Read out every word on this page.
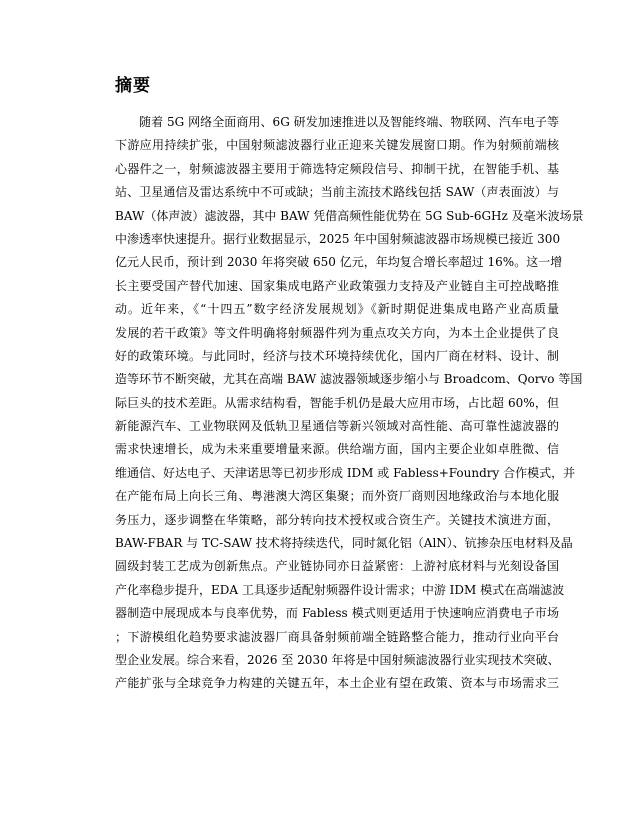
摘要
随着 5G 网络全面商用、6G 研发加速推进以及智能终端、物联网、汽车电子等
下游应用持续扩张，中国射频滤波器行业正迎来关键发展窗口期。作为射频前端核
心器件之一，射频滤波器主要用于筛选特定频段信号、抑制干扰，在智能手机、基
站、卫星通信及雷达系统中不可或缺；当前主流技术路线包括 SAW（声表面波）与
BAW（体声波）滤波器，其中 BAW 凭借高频性能优势在 5G Sub-6GHz 及毫米波场景
中渗透率快速提升。据行业数据显示，2025 年中国射频滤波器市场规模已接近 300
亿元人民币，预计到 2030 年将突破 650 亿元，年均复合增长率超过 16%。这一增
长主要受国产替代加速、国家集成电路产业政策强力支持及产业链自主可控战略推
动。近年来，《“十四五”数字经济发展规划》《新时期促进集成电路产业高质量
发展的若干政策》等文件明确将射频器件列为重点攻关方向，为本土企业提供了良
好的政策环境。与此同时，经济与技术环境持续优化，国内厂商在材料、设计、制
造等环节不断突破，尤其在高端 BAW 滤波器领域逐步缩小与 Broadcom、Qorvo 等国
际巨头的技术差距。从需求结构看，智能手机仍是最大应用市场，占比超 60%，但
新能源汽车、工业物联网及低轨卫星通信等新兴领域对高性能、高可靠性滤波器的
需求快速增长，成为未来重要增量来源。供给端方面，国内主要企业如卓胜微、信
维通信、好达电子、天津诺思等已初步形成 IDM 或 Fabless+Foundry 合作模式，并
在产能布局上向长三角、粤港澳大湾区集聚；而外资厂商则因地缘政治与本地化服
务压力，逐步调整在华策略，部分转向技术授权或合资生产。关键技术演进方面，
BAW-FBAR 与 TC-SAW 技术将持续迭代，同时氮化铝（AlN）、钪掺杂压电材料及晶
圆级封装工艺成为创新焦点。产业链协同亦日益紧密：上游衬底材料与光刻设备国
产化率稳步提升，EDA 工具逐步适配射频器件设计需求；中游 IDM 模式在高端滤波
器制造中展现成本与良率优势，而 Fabless 模式则更适用于快速响应消费电子市场
；下游模组化趋势要求滤波器厂商具备射频前端全链路整合能力，推动行业向平台
型企业发展。综合来看，2026 至 2030 年将是中国射频滤波器行业实现技术突破、
产能扩张与全球竞争力构建的关键五年，本土企业有望在政策、资本与市场需求三
